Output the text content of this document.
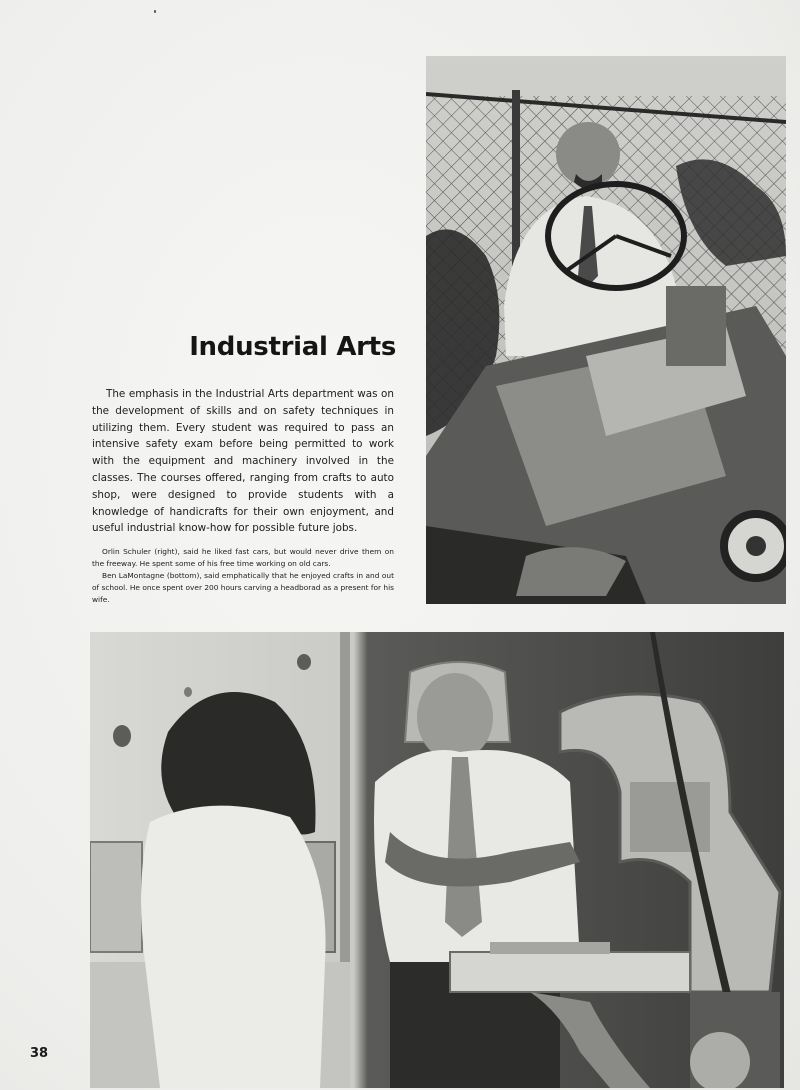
Industrial Arts

The emphasis in the Industrial Arts department was on the development of skills and on safety techniques in utilizing them. Every student was required to pass an intensive safety exam before being permitted to work with the equipment and machinery involved in the classes. The courses offered, ranging from crafts to auto shop, were designed to provide students with a knowledge of handicrafts for their own enjoyment, and useful industrial know-how for possible future jobs.

Orlin Schuler (right), said he liked fast cars, but would never drive them on the freeway. He spent some of his free time working on old cars.

Ben LaMontagne (bottom), said emphatically that he enjoyed crafts in and out of school. He once spent over 200 hours carving a headborad as a present for his wife.

38
